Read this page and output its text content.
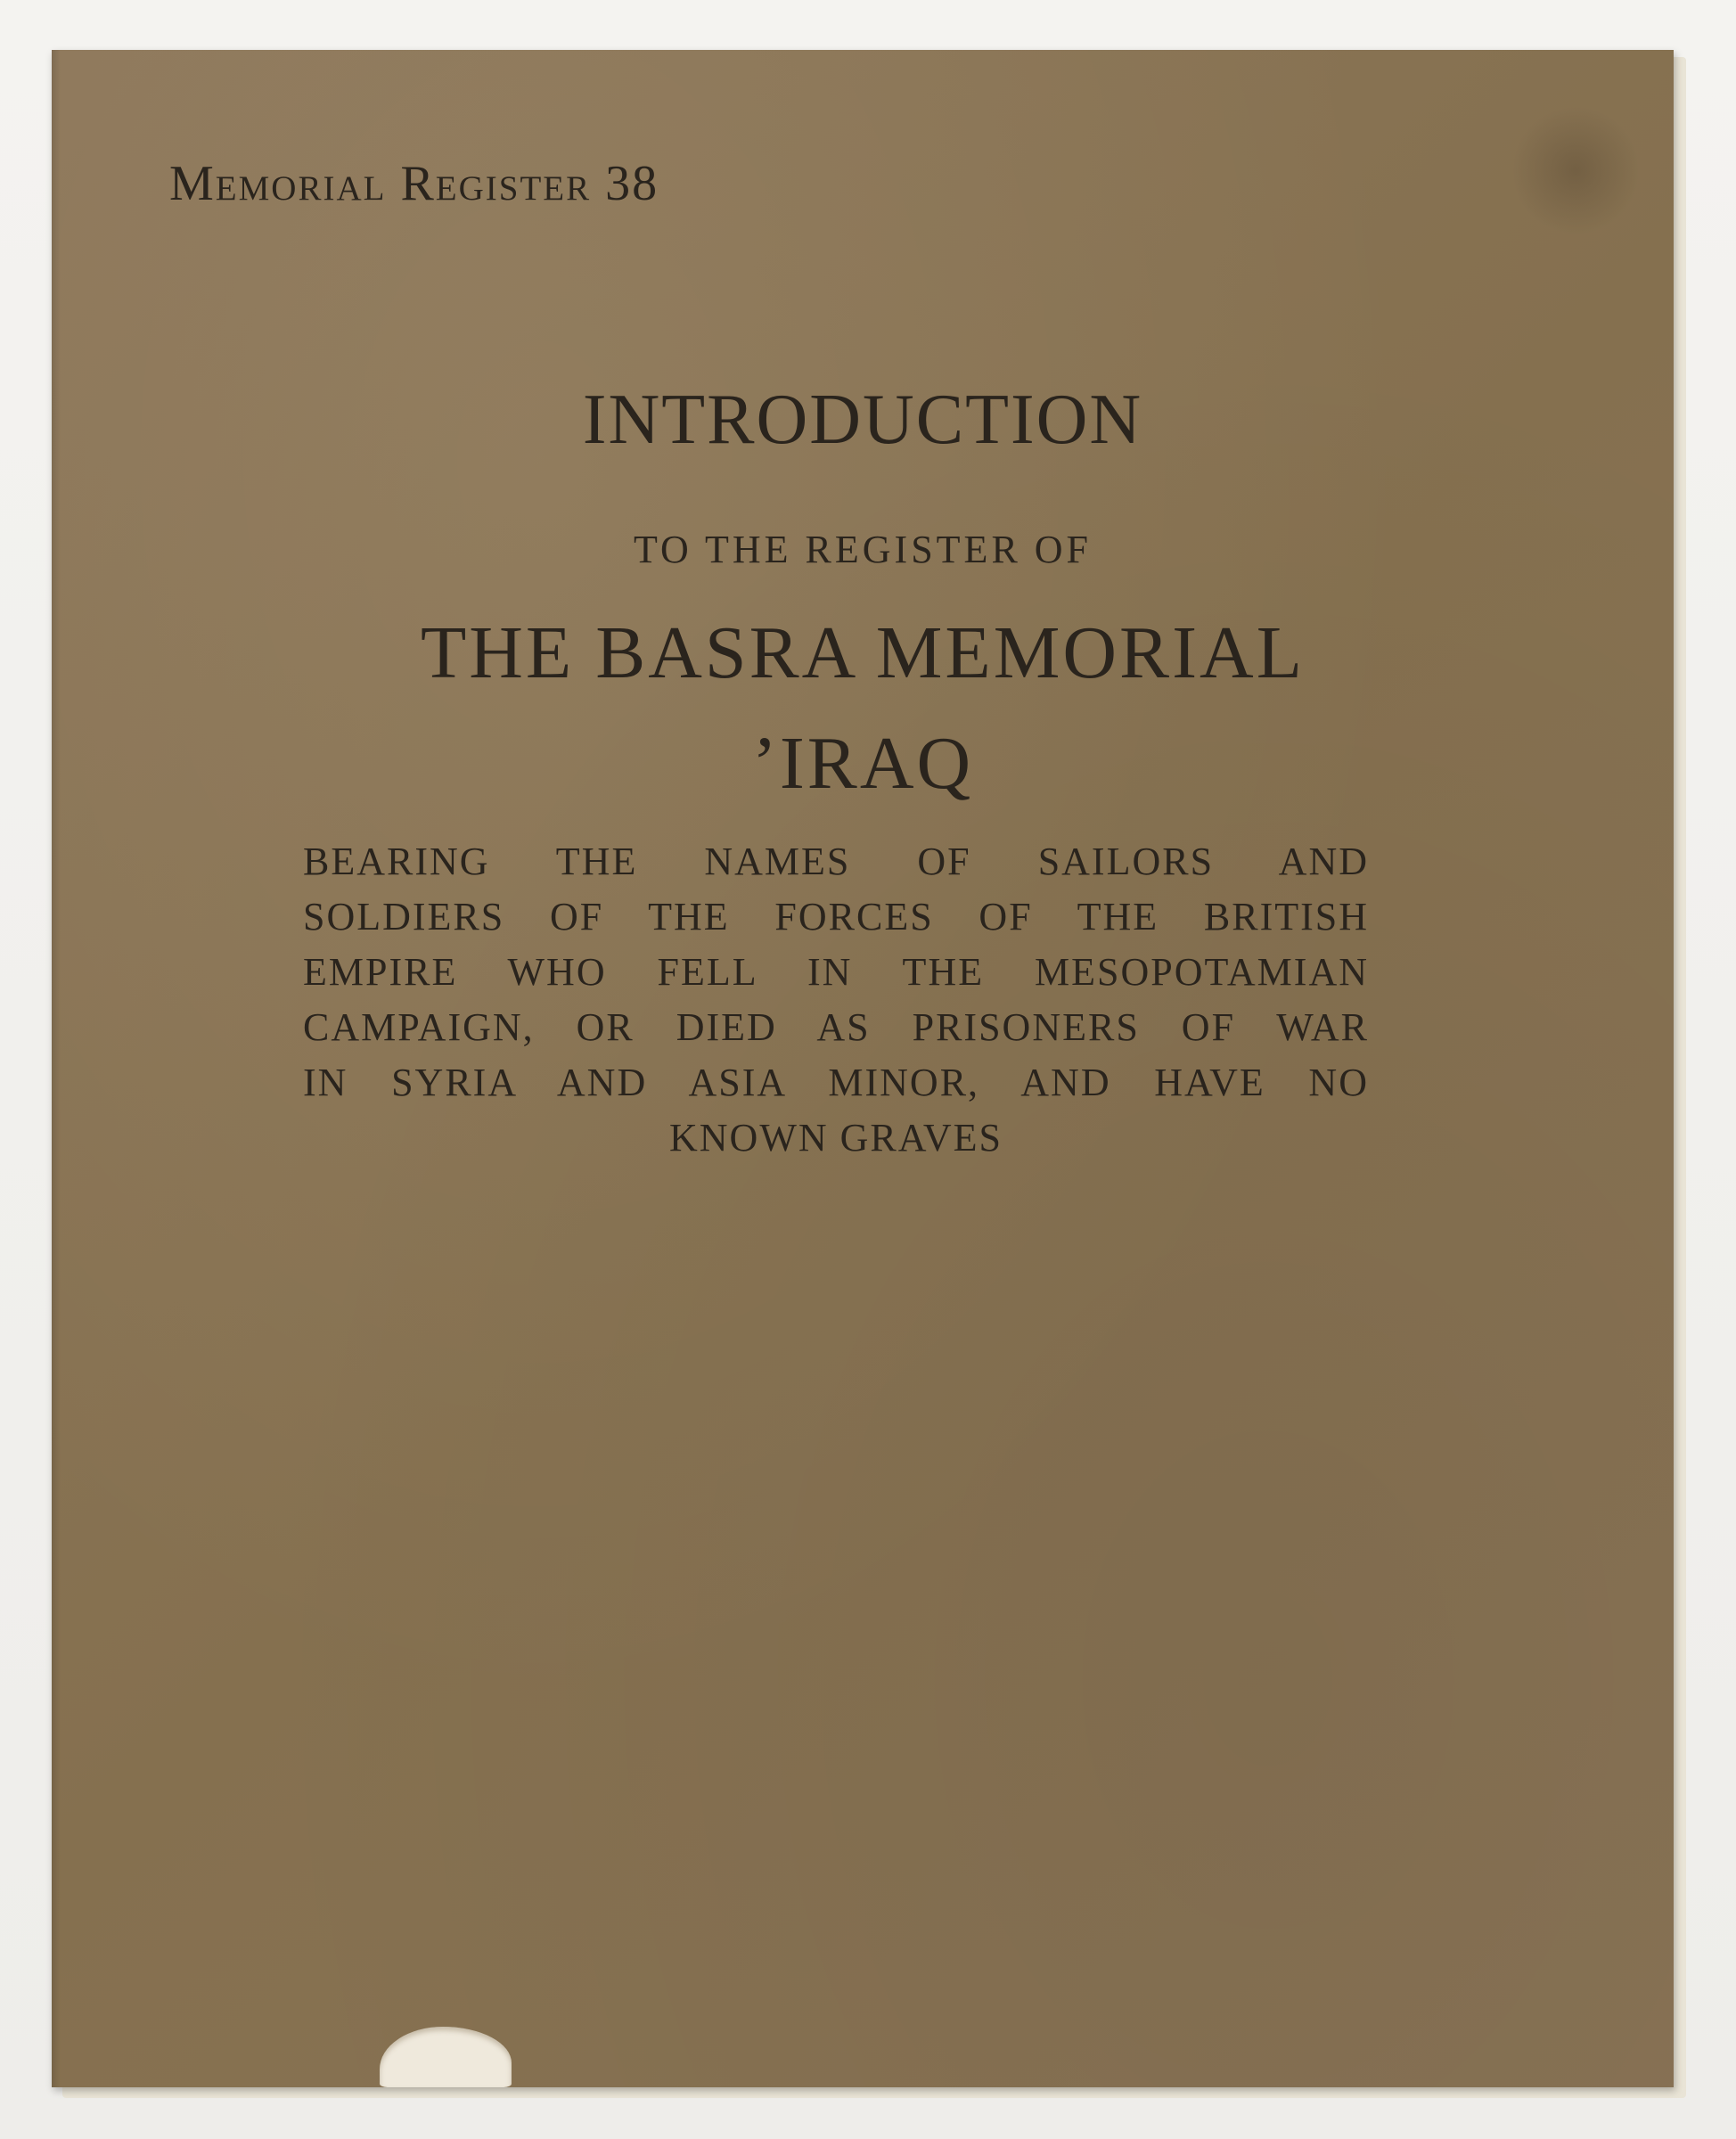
Memorial Register 38
INTRODUCTION
TO THE REGISTER OF
THE BASRA MEMORIAL
’IRAQ
BEARING THE NAMES OF SAILORS AND
SOLDIERS OF THE FORCES OF THE BRITISH
EMPIRE WHO FELL IN THE MESOPOTAMIAN
CAMPAIGN, OR DIED AS PRISONERS OF WAR
IN SYRIA AND ASIA MINOR, AND HAVE NO
KNOWN GRAVES
